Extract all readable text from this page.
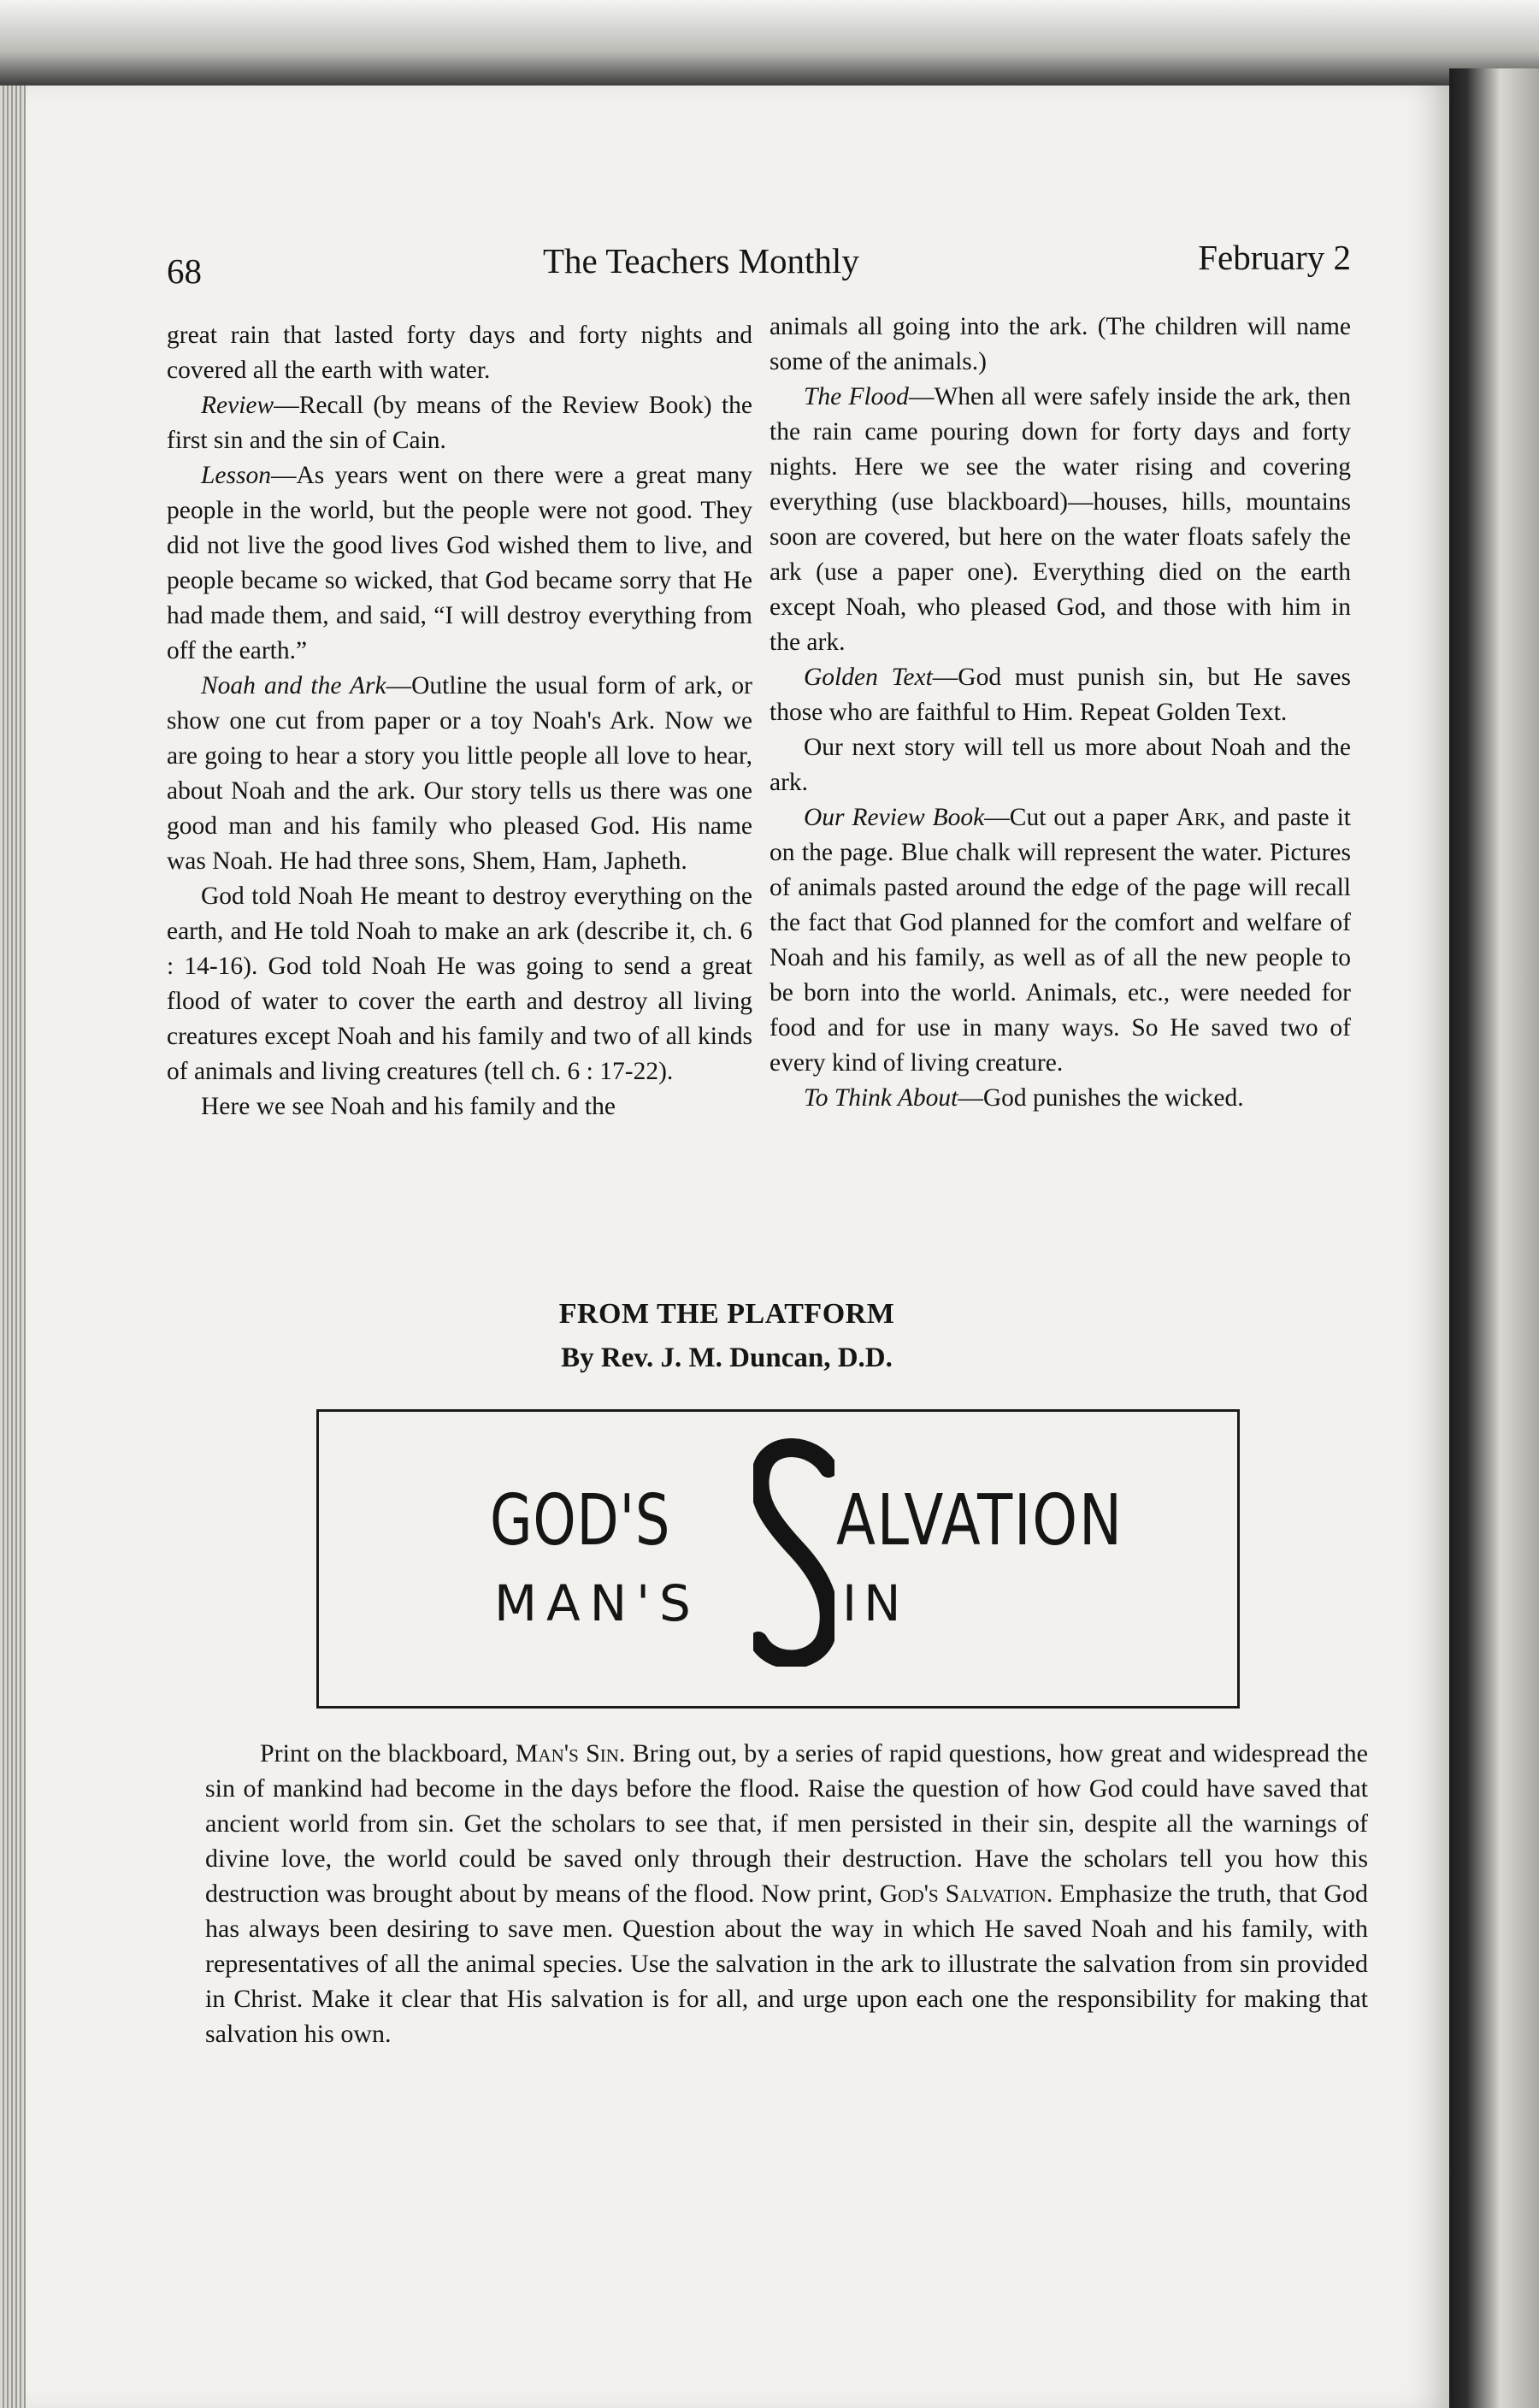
68	The Teachers Monthly	February 2

great rain that lasted forty days and forty nights and covered all the earth with water.

Review—Recall (by means of the Review Book) the first sin and the sin of Cain.

Lesson—As years went on there were a great many people in the world, but the people were not good. They did not live the good lives God wished them to live, and people became so wicked, that God became sorry that He had made them, and said, “I will destroy everything from off the earth.”

Noah and the Ark—Outline the usual form of ark, or show one cut from paper or a toy Noah's Ark. Now we are going to hear a story you little people all love to hear, about Noah and the ark. Our story tells us there was one good man and his family who pleased God. His name was Noah. He had three sons, Shem, Ham, Japheth.

God told Noah He meant to destroy everything on the earth, and He told Noah to make an ark (describe it, ch. 6 : 14-16). God told Noah He was going to send a great flood of water to cover the earth and destroy all living creatures except Noah and his family and two of all kinds of animals and living creatures (tell ch. 6 : 17-22).

Here we see Noah and his family and the

animals all going into the ark. (The children will name some of the animals.)

The Flood—When all were safely inside the ark, then the rain came pouring down for forty days and forty nights. Here we see the water rising and covering everything (use blackboard)—houses, hills, mountains soon are covered, but here on the water floats safely the ark (use a paper one). Everything died on the earth except Noah, who pleased God, and those with him in the ark.

Golden Text—God must punish sin, but He saves those who are faithful to Him. Repeat Golden Text.

Our next story will tell us more about Noah and the ark.

Our Review Book—Cut out a paper Ark, and paste it on the page. Blue chalk will represent the water. Pictures of animals pasted around the edge of the page will recall the fact that God planned for the comfort and welfare of Noah and his family, as well as of all the new people to be born into the world. Animals, etc., were needed for food and for use in many ways. So He saved two of every kind of living creature.

To Think About—God punishes the wicked.

FROM THE PLATFORM
By Rev. J. M. Duncan, D.D.
GOD'S
MAN'S
ALVATION
IN

Print on the blackboard, Man's Sin. Bring out, by a series of rapid questions, how great and widespread the sin of mankind had become in the days before the flood. Raise the question of how God could have saved that ancient world from sin. Get the scholars to see that, if men persisted in their sin, despite all the warnings of divine love, the world could be saved only through their destruction. Have the scholars tell you how this destruction was brought about by means of the flood. Now print, God's Salvation. Emphasize the truth, that God has always been desiring to save men. Question about the way in which He saved Noah and his family, with representatives of all the animal species. Use the salvation in the ark to illustrate the salvation from sin provided in Christ. Make it clear that His salvation is for all, and urge upon each one the responsibility for making that salvation his own.
